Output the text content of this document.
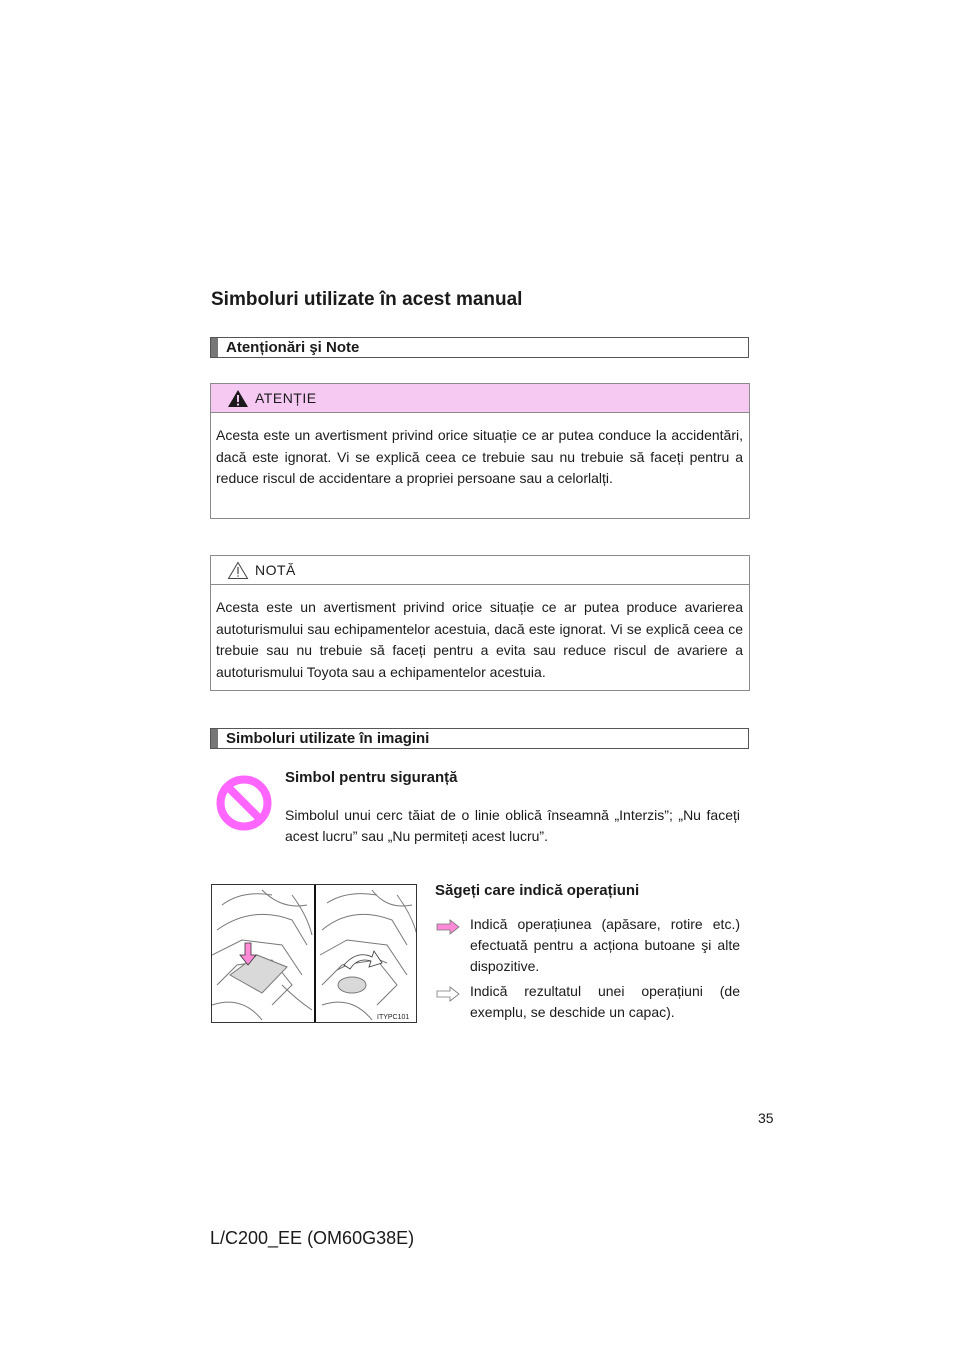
Simboluri utilizate în acest manual
Atenționări şi Note
ATENȚIE
Acesta este un avertisment privind orice situație ce ar putea conduce la accidentări, dacă este ignorat. Vi se explică ceea ce trebuie sau nu trebuie să faceți pentru a reduce riscul de accidentare a propriei persoane sau a celorlalți.
NOTĂ
Acesta este un avertisment privind orice situație ce ar putea produce avarierea autoturismului sau echipamentelor acestuia, dacă este ignorat. Vi se explică ceea ce trebuie sau nu trebuie să faceți pentru a evita sau reduce riscul de avariere a autoturismului Toyota sau a echipamentelor acestuia.
Simboluri utilizate în imagini
Simbol pentru siguranță
Simbolul unui cerc tăiat de o linie oblică înseamnă „Interzis”; „Nu faceți acest lucru” sau „Nu permiteți acest lucru”.
ITYPC101
Săgeți care indică operațiuni
Indică operațiunea (apăsare, rotire etc.) efectuată pentru a acționa butoane şi alte dispozitive.
Indică rezultatul unei operațiuni (de exemplu, se deschide un capac).
35
L/C200_EE (OM60G38E)
